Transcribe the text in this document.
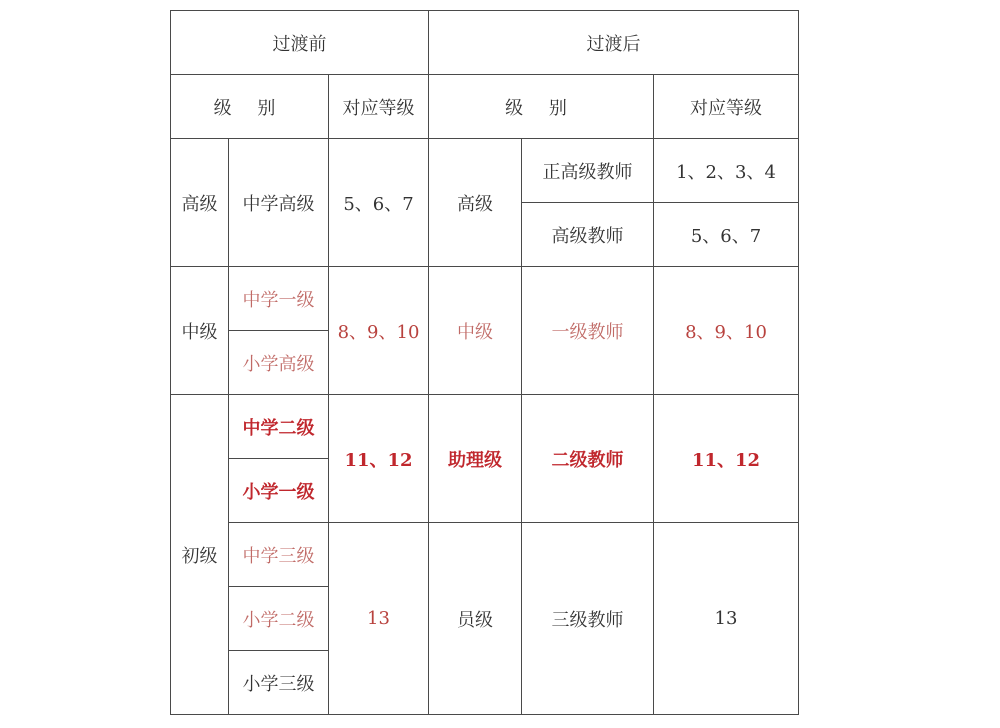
过渡前			过渡后		
级 别		对应等级	级 别		对应等级
高级	中学高级	5、6、7	高级	正高级教师	1、2、3、4
				高级教师	5、6、7
中级	中学一级	8、9、10	中级	一级教师	8、9、10
	小学高级				
初级	中学二级	11、12	助理级	二级教师	11、12
	小学一级				
	中学三级	13	员级	三级教师	13
	小学二级				
	小学三级				
